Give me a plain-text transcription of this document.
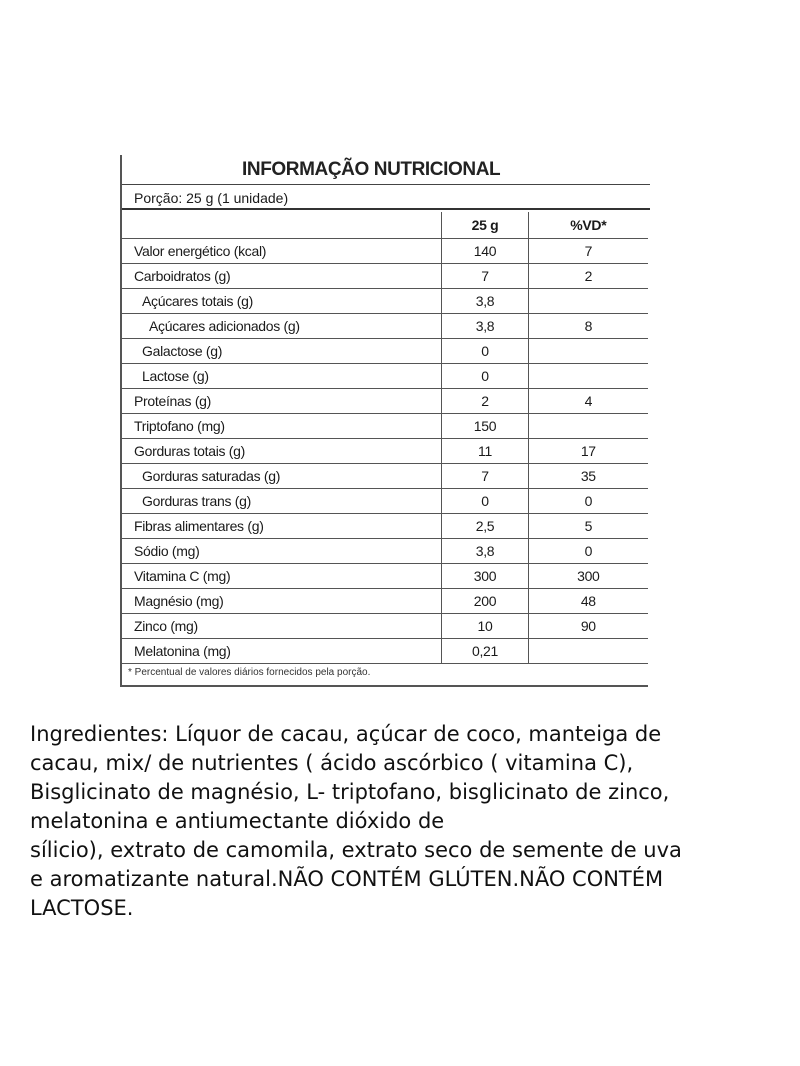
INFORMAÇÃO NUTRICIONAL
Porção: 25 g (1 unidade)
	25 g	%VD*
Valor energético (kcal)	140	7
Carboidratos (g)	7	2
Açúcares totais (g)	3,8	
Açúcares adicionados (g)	3,8	8
Galactose (g)	0	
Lactose (g)	0	
Proteínas (g)	2	4
Triptofano (mg)	150	
Gorduras totais (g)	11	17
Gorduras saturadas (g)	7	35
Gorduras trans (g)	0	0
Fibras alimentares (g)	2,5	5
Sódio (mg)	3,8	0
Vitamina C (mg)	300	300
Magnésio (mg)	200	48
Zinco (mg)	10	90
Melatonina (mg)	0,21	
* Percentual de valores diários fornecidos pela porção.
Ingredientes: Líquor de cacau, açúcar de coco, manteiga de
cacau, mix/ de nutrientes ( ácido ascórbico ( vitamina C),
Bisglicinato de magnésio, L- triptofano, bisglicinato de zinco,
melatonina e antiumectante dióxido de
sílicio), extrato de camomila, extrato seco de semente de uva
e aromatizante natural.NÃO CONTÉM GLÚTEN.NÃO CONTÉM
LACTOSE.
